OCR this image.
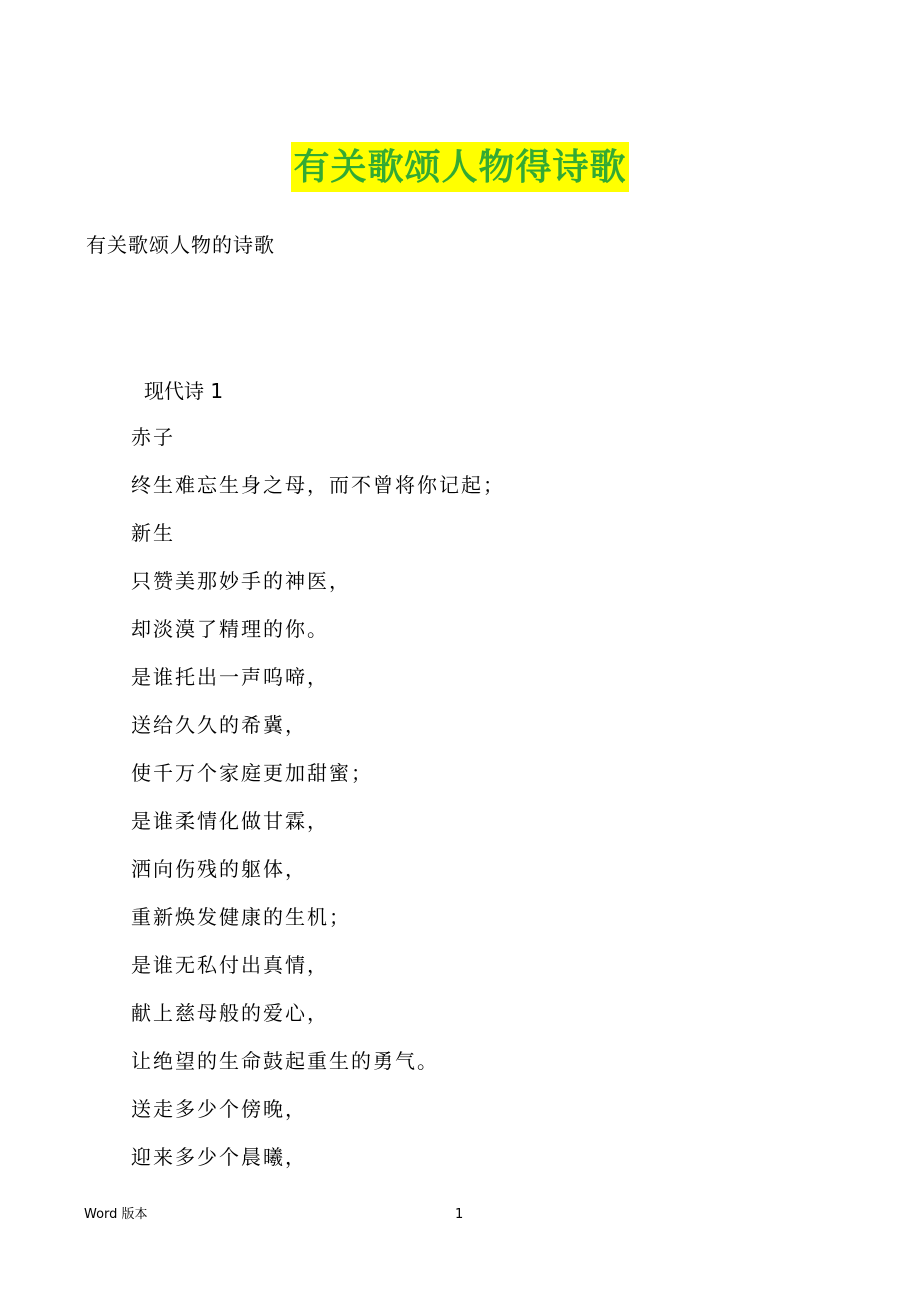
有关歌颂人物得诗歌
有关歌颂人物的诗歌
现代诗 1
赤子
终生难忘生身之母，而不曾将你记起；
新生
只赞美那妙手的神医，
却淡漠了精理的你。
是谁托出一声呜啼，
送给久久的希冀，
使千万个家庭更加甜蜜；
是谁柔情化做甘霖，
洒向伤残的躯体，
重新焕发健康的生机；
是谁无私付出真情，
献上慈母般的爱心，
让绝望的生命鼓起重生的勇气。
送走多少个傍晚，
迎来多少个晨曦，
Word 版本	1
